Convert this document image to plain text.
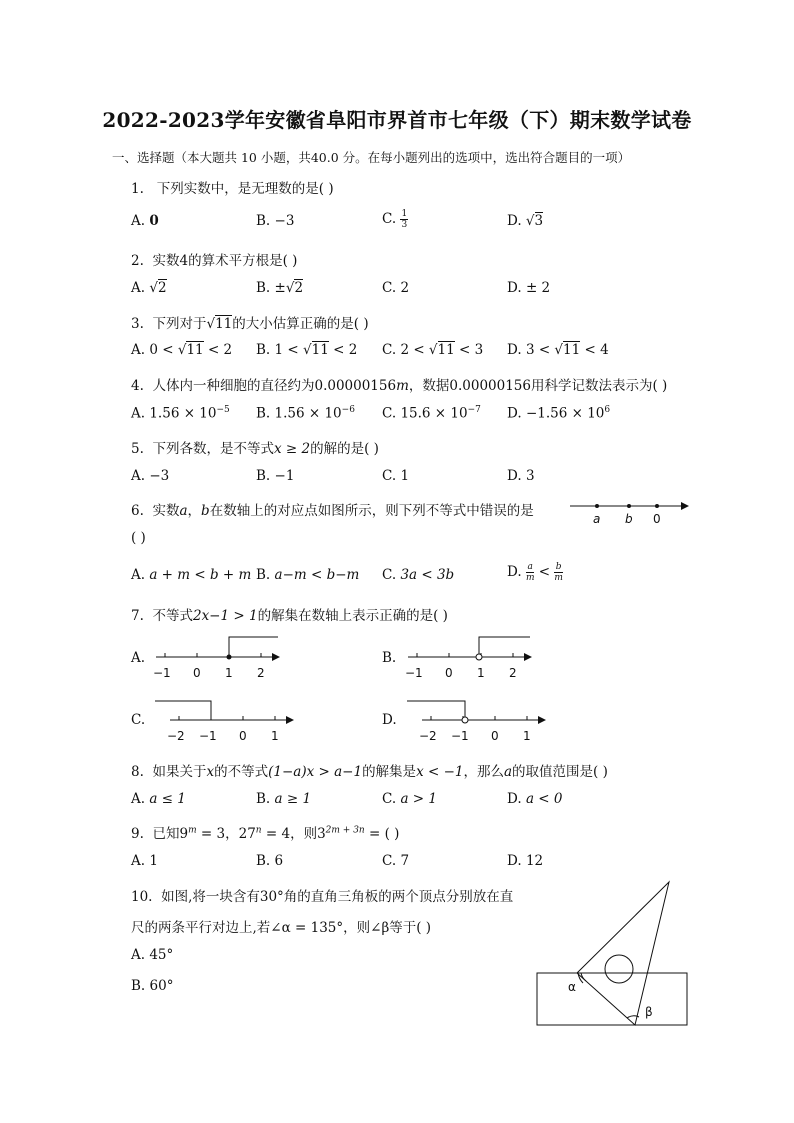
2022-2023学年安徽省阜阳市界首市七年级（下）期末数学试卷
一、选择题（本大题共 10 小题，共40.0 分。在每小题列出的选项中，选出符合题目的一项）
1. 下列实数中，是无理数的是( )
A. 0	B. −3	C. $\frac{1}{3}$	D. √3
2. 实数4的算术平方根是( )
A. √2	B. ±√2	C. 2	D. ± 2
3. 下列对于√11的大小估算正确的是( )
A. 0 < √11 < 2 B. 1 < √11 < 2 C. 2 < √11 < 3 D. 3 < √11 < 4
4. 人体内一种细胞的直径约为0.00000156m，数据0.00000156用科学记数法表示为( )
A. $1.56 \times 10^{-5}$ B. $1.56 \times 10^{-6}$ C. $15.6 \times 10^{-7}$ D. $-1.56 \times 10^6$
5. 下列各数，是不等式x ≥ 2的解的是( )
A. −3	B. −1	C. 1	D. 3
6. 实数a，b在数轴上的对应点如图所示，则下列不等式中错误的是
( )
a b 0
A. a + m < b + m B. a−m < b−m C. 3a < 3b	D. $\frac{a}{m} < \frac{b}{m}$
7. 不等式2x−1 > 1的解集在数轴上表示正确的是( )
A.
−1 0 1 2
B.
−1 0 1 2
C.
−2 −1 0 1
D.
−2 −1 0 1
8. 如果关于x的不等式(1−a)x > a−1的解集是x < −1，那么a的取值范围是( )
A. a ≤ 1	B. a ≥ 1	C. a > 1	D. a < 0
9. 已知$9^m = 3$，$27^n = 4$，则$3^{2m + 3n}$ = ( )
A. 1	B. 6	C. 7	D. 12
10. 如图,将一块含有30°角的直角三角板的两个顶点分别放在直
尺的两条平行对边上,若∠α = 135°，则∠β等于( )
A. 45°
B. 60°	α
β
